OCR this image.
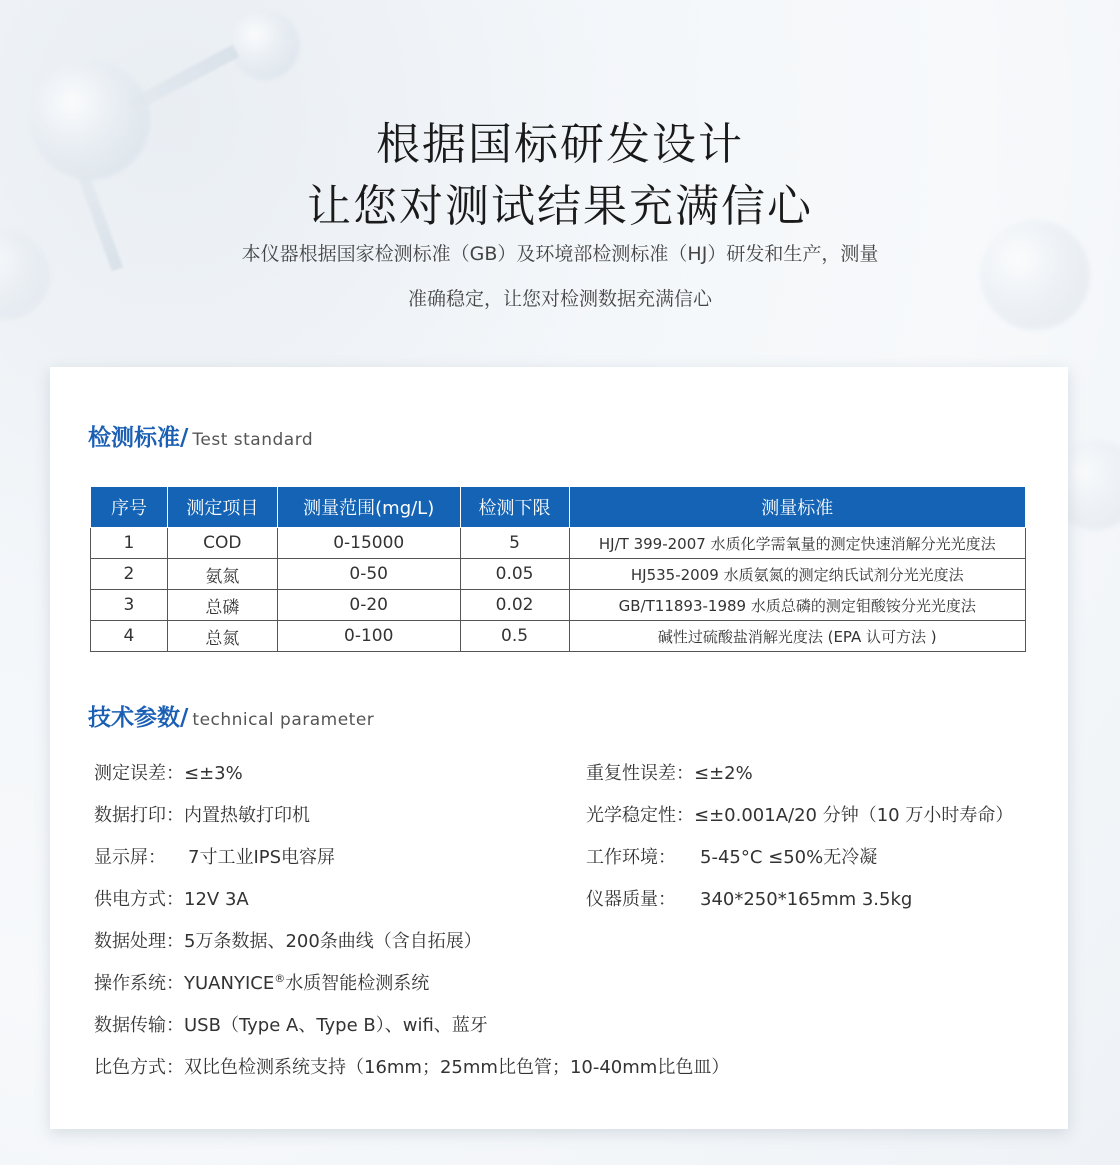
根据国标研发设计
让您对测试结果充满信心
本仪器根据国家检测标准（GB）及环境部检测标准（HJ）研发和生产，测量
准确稳定，让您对检测数据充满信心
检测标准/ Test standard
序号	测定项目	测量范围(mg/L)	检测下限	测量标准
1	COD	0-15000	5	HJ/T 399-2007 水质化学需氧量的测定快速消解分光光度法
2	氨氮	0-50	0.05	HJ535-2009 水质氨氮的测定纳氏试剂分光光度法
3	总磷	0-20	0.02	GB/T11893-1989 水质总磷的测定钼酸铵分光光度法
4	总氮	0-100	0.5	碱性过硫酸盐消解光度法 (EPA 认可方法 )
技术参数/ technical parameter
测定误差：≤±3%
数据打印：内置热敏打印机
显示屏： 7寸工业IPS电容屏
供电方式：12V 3A
数据处理：5万条数据、200条曲线（含自拓展）
操作系统：YUANYICE®水质智能检测系统
数据传输：USB（Type A、Type B）、wifi、蓝牙
比色方式：双比色检测系统支持（16mm；25mm比色管；10-40mm比色皿）
重复性误差：≤±2%
光学稳定性：≤±0.001A/20 分钟（10 万小时寿命）
工作环境： 5-45°C ≤50%无冷凝
仪器质量： 340*250*165mm 3.5kg
